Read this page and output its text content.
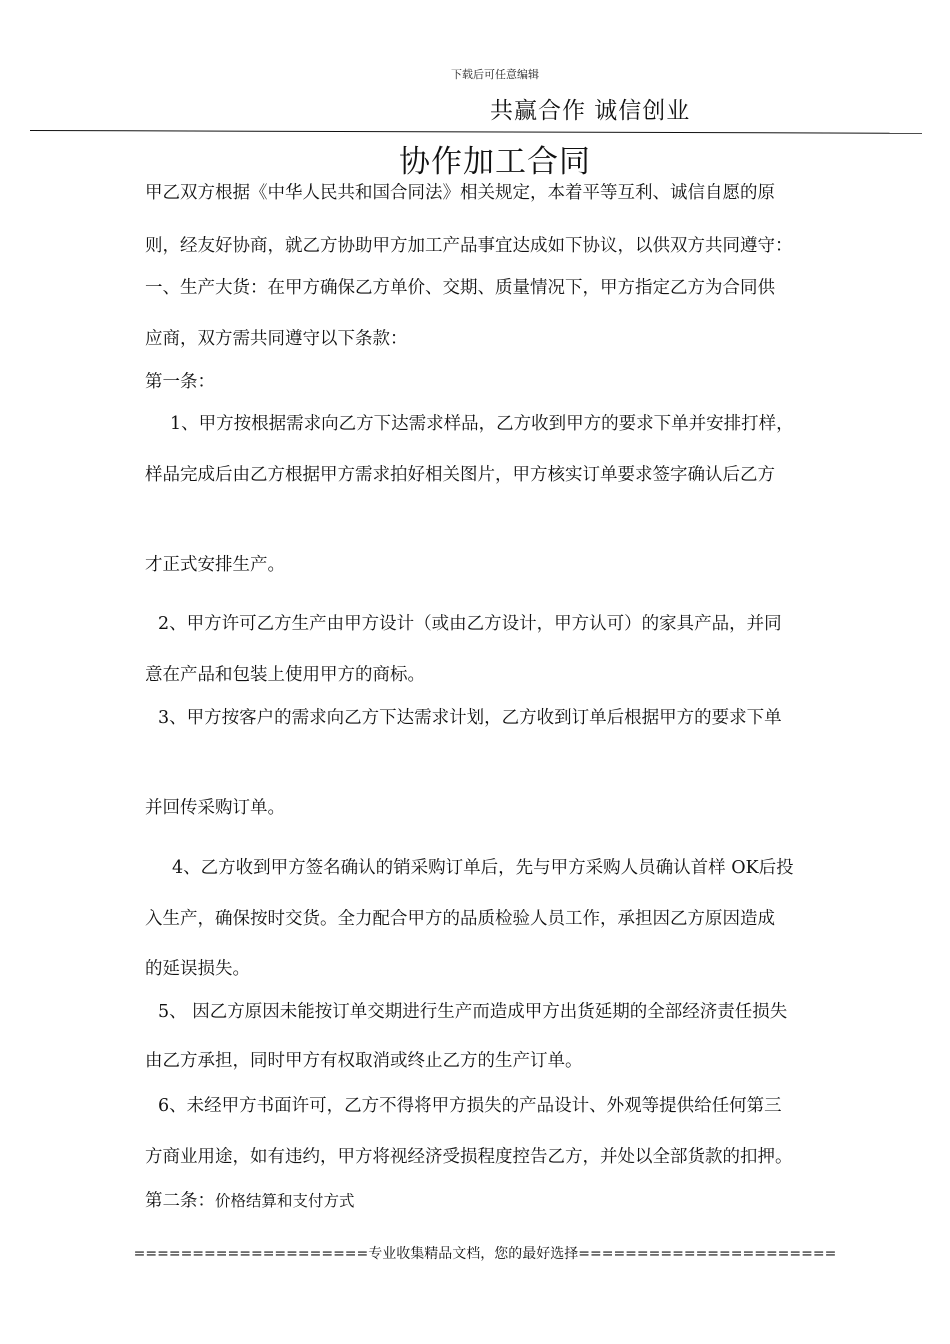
下载后可任意编辑
共赢合作 诚信创业
协作加工合同
甲乙双方根据《中华人民共和国合同法》相关规定，本着平等互利、诚信自愿的原
则，经友好协商，就乙方协助甲方加工产品事宜达成如下协议，以供双方共同遵守：
一、生产大货：在甲方确保乙方单价、交期、质量情况下，甲方指定乙方为合同供
应商，双方需共同遵守以下条款：
第一条：
1、甲方按根据需求向乙方下达需求样品，乙方收到甲方的要求下单并安排打样，
样品完成后由乙方根据甲方需求拍好相关图片，甲方核实订单要求签字确认后乙方
才正式安排生产。
2、甲方许可乙方生产由甲方设计（或由乙方设计，甲方认可）的家具产品，并同
意在产品和包装上使用甲方的商标。
3、甲方按客户的需求向乙方下达需求计划，乙方收到订单后根据甲方的要求下单
并回传采购订单。
4、乙方收到甲方签名确认的销采购订单后，先与甲方采购人员确认首样 OK后投
入生产，确保按时交货。全力配合甲方的品质检验人员工作，承担因乙方原因造成
的延误损失。
5、 因乙方原因未能按订单交期进行生产而造成甲方出货延期的全部经济责任损失
由乙方承担，同时甲方有权取消或终止乙方的生产订单。
6、未经甲方书面许可，乙方不得将甲方损失的产品设计、外观等提供给任何第三
方商业用途，如有违约，甲方将视经济受损程度控告乙方，并处以全部货款的扣押。
第二条：价格结算和支付方式
====================专业收集精品文档，您的最好选择======================
